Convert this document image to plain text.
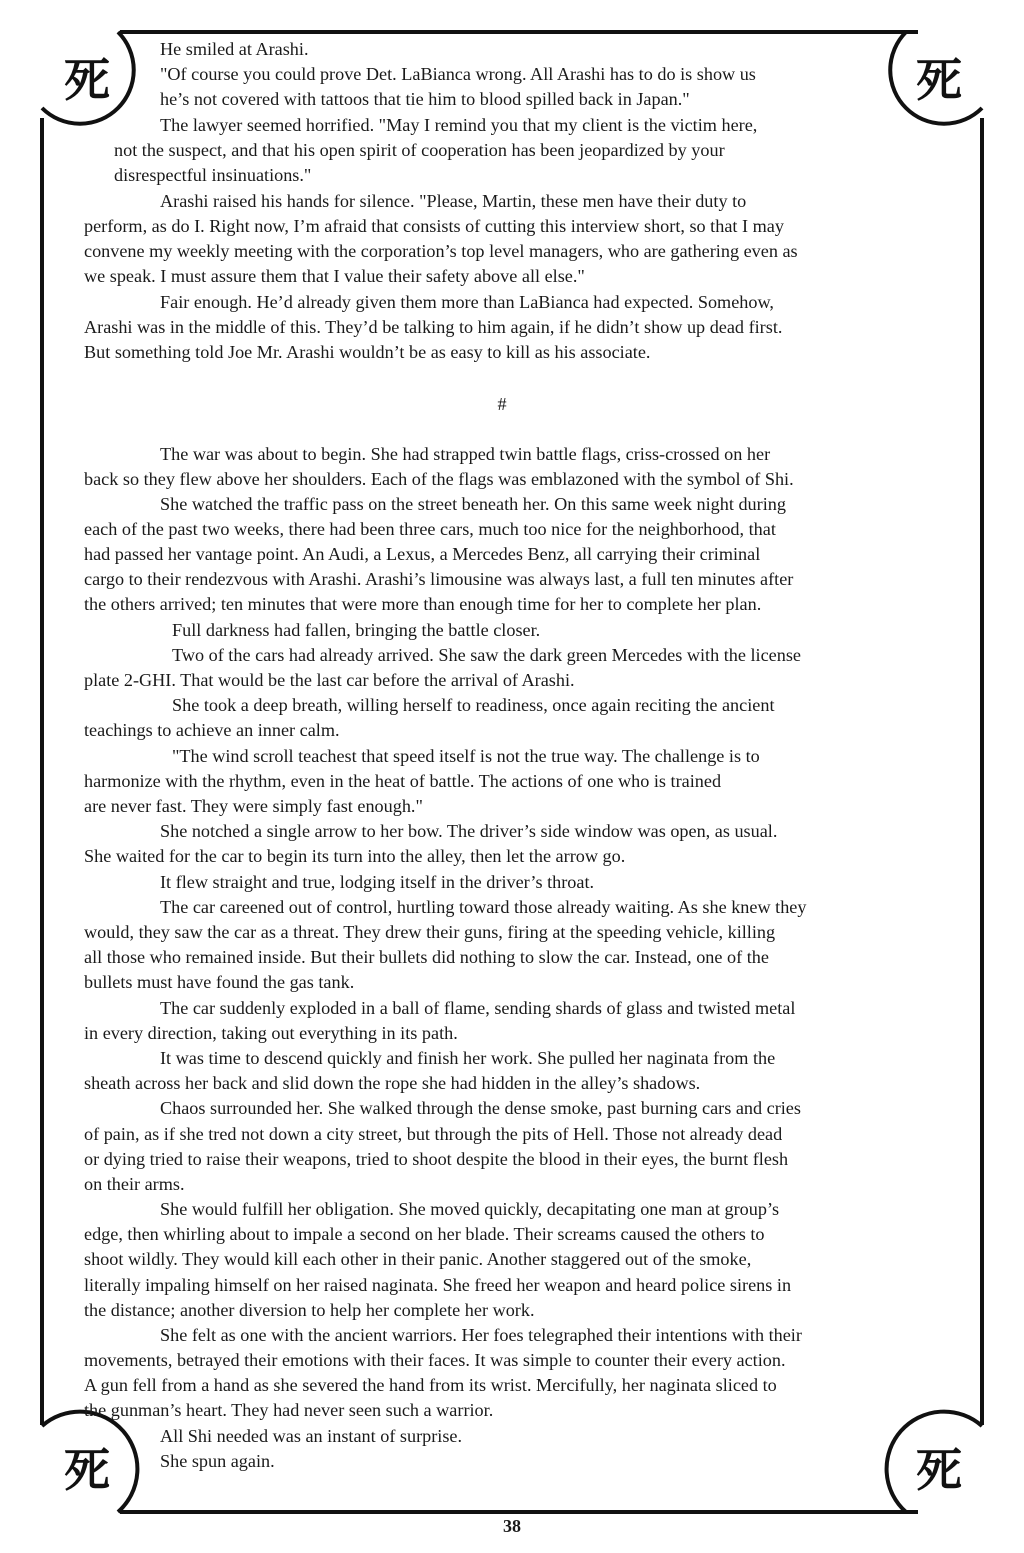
死	死
死	死
He smiled at Arashi.
"Of course you could prove Det. LaBianca wrong. All Arashi has to do is show us
he’s not covered with tattoos that tie him to blood spilled back in Japan."
The lawyer seemed horrified. "May I remind you that my client is the victim here,
not the suspect, and that his open spirit of cooperation has been jeopardized by your
disrespectful insinuations."
Arashi raised his hands for silence. "Please, Martin, these men have their duty to
perform, as do I. Right now, I’m afraid that consists of cutting this interview short, so that I may
convene my weekly meeting with the corporation’s top level managers, who are gathering even as
we speak. I must assure them that I value their safety above all else."
Fair enough. He’d already given them more than LaBianca had expected. Somehow,
Arashi was in the middle of this. They’d be talking to him again, if he didn’t show up dead first.
But something told Joe Mr. Arashi wouldn’t be as easy to kill as his associate.
#
The war was about to begin. She had strapped twin battle flags, criss-crossed on her
back so they flew above her shoulders. Each of the flags was emblazoned with the symbol of Shi.
She watched the traffic pass on the street beneath her. On this same week night during
each of the past two weeks, there had been three cars, much too nice for the neighborhood, that
had passed her vantage point. An Audi, a Lexus, a Mercedes Benz, all carrying their criminal
cargo to their rendezvous with Arashi. Arashi’s limousine was always last, a full ten minutes after
the others arrived; ten minutes that were more than enough time for her to complete her plan.
Full darkness had fallen, bringing the battle closer.
Two of the cars had already arrived. She saw the dark green Mercedes with the license
plate 2-GHI. That would be the last car before the arrival of Arashi.
She took a deep breath, willing herself to readiness, once again reciting the ancient
teachings to achieve an inner calm.
"The wind scroll teachest that speed itself is not the true way. The challenge is to
harmonize with the rhythm, even in the heat of battle. The actions of one who is trained
are never fast. They were simply fast enough."
She notched a single arrow to her bow. The driver’s side window was open, as usual.
She waited for the car to begin its turn into the alley, then let the arrow go.
It flew straight and true, lodging itself in the driver’s throat.
The car careened out of control, hurtling toward those already waiting. As she knew they
would, they saw the car as a threat. They drew their guns, firing at the speeding vehicle, killing
all those who remained inside. But their bullets did nothing to slow the car. Instead, one of the
bullets must have found the gas tank.
The car suddenly exploded in a ball of flame, sending shards of glass and twisted metal
in every direction, taking out everything in its path.
It was time to descend quickly and finish her work. She pulled her naginata from the
sheath across her back and slid down the rope she had hidden in the alley’s shadows.
Chaos surrounded her. She walked through the dense smoke, past burning cars and cries
of pain, as if she tred not down a city street, but through the pits of Hell. Those not already dead
or dying tried to raise their weapons, tried to shoot despite the blood in their eyes, the burnt flesh
on their arms.
She would fulfill her obligation. She moved quickly, decapitating one man at group’s
edge, then whirling about to impale a second on her blade. Their screams caused the others to
shoot wildly. They would kill each other in their panic. Another staggered out of the smoke,
literally impaling himself on her raised naginata. She freed her weapon and heard police sirens in
the distance; another diversion to help her complete her work.
She felt as one with the ancient warriors. Her foes telegraphed their intentions with their
movements, betrayed their emotions with their faces. It was simple to counter their every action.
A gun fell from a hand as she severed the hand from its wrist. Mercifully, her naginata sliced to
the gunman’s heart. They had never seen such a warrior.
All Shi needed was an instant of surprise.
She spun again.
38
